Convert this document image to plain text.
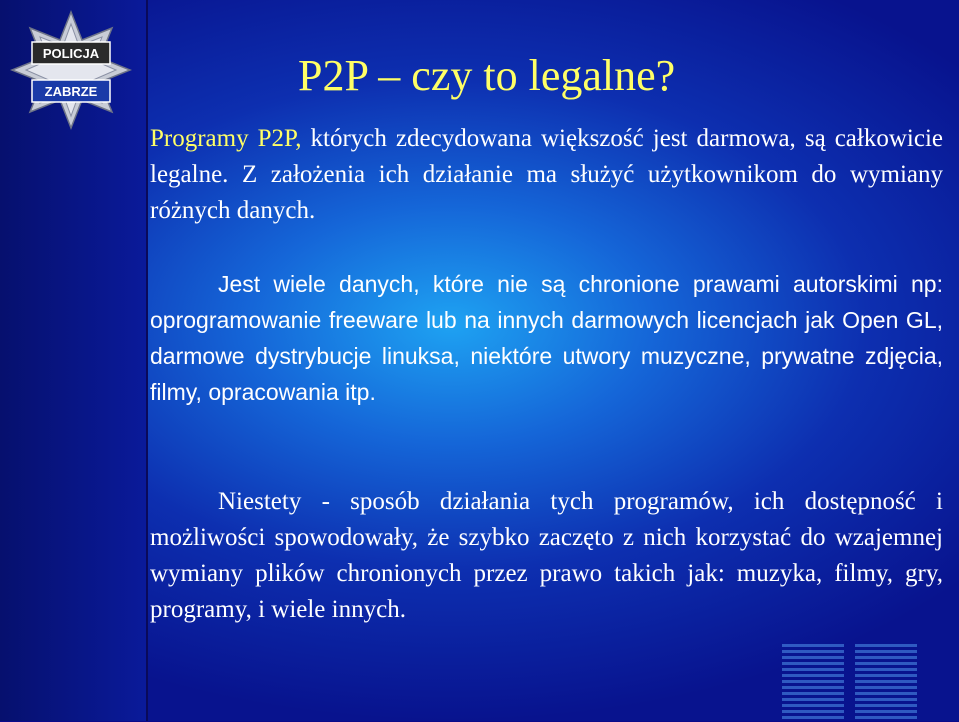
POLICJA
ZABRZE	P2P – czy to legalne?

Programy P2P, których zdecydowana większość jest darmowa, są całkowicie legalne. Z założenia ich działanie ma służyć użytkownikom do wymiany różnych danych.

Jest wiele danych, które nie są chronione prawami autorskimi np: oprogramowanie freeware lub na innych darmowych licencjach jak Open GL, darmowe dystrybucje linuksa, niektóre utwory muzyczne, prywatne zdjęcia, filmy, opracowania itp.

Niestety - sposób działania tych programów, ich dostępność i możliwości spowodowały, że szybko zaczęto z nich korzystać do wzajemnej wymiany plików chronionych przez prawo takich jak: muzyka, filmy, gry, programy, i wiele innych.
